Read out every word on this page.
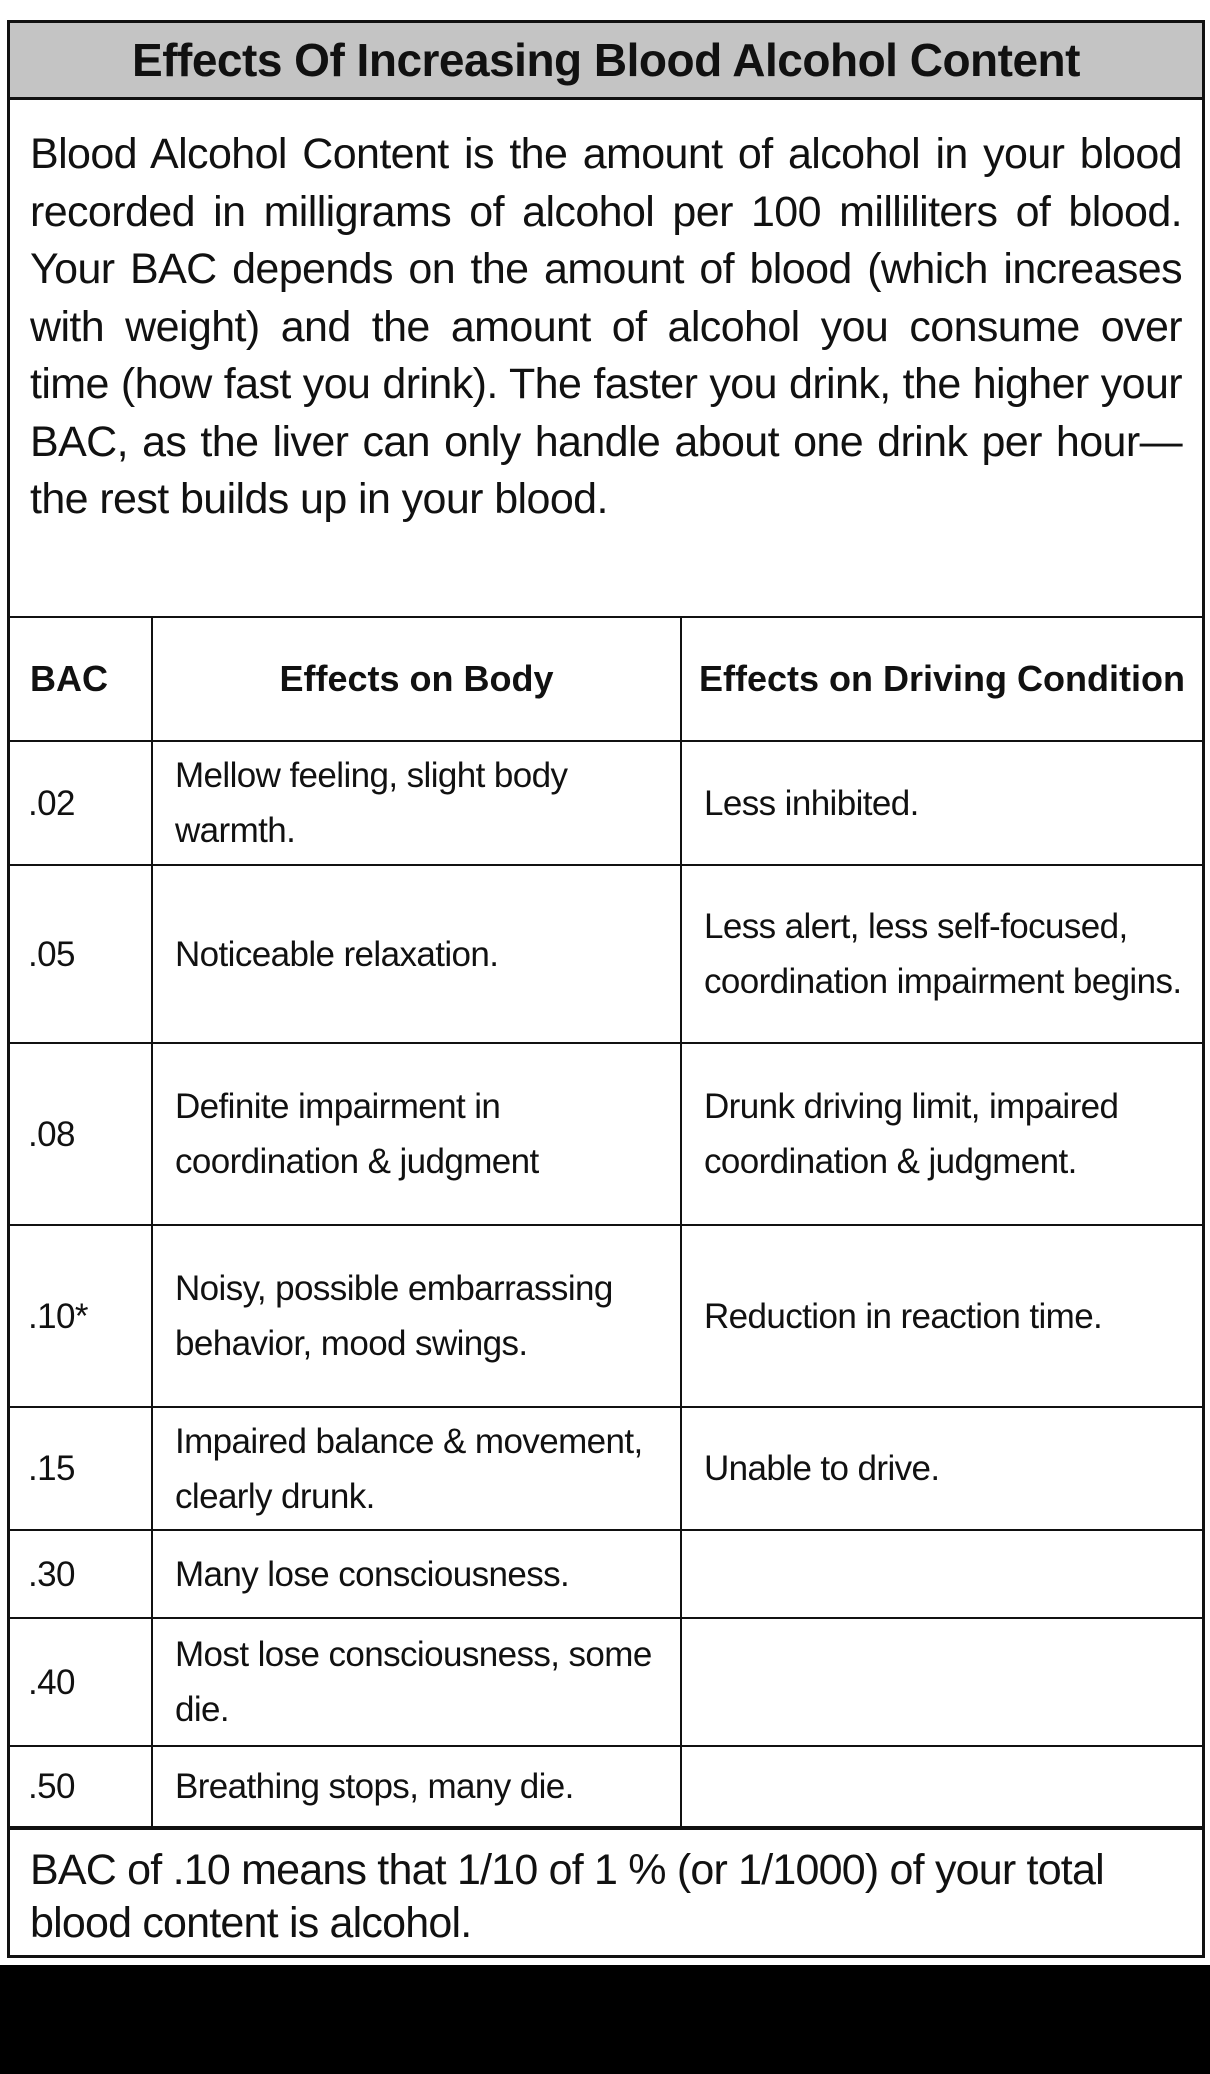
Effects Of Increasing Blood Alcohol Content
Blood Alcohol Content is the amount of alcohol in your blood recorded in milligrams of alcohol per 100 milliliters of blood. Your BAC depends on the amount of blood (which increases with weight) and the amount of alcohol you consume over time (how fast you drink). The faster you drink, the higher your BAC, as the liver can only handle about one drink per hour—the rest builds up in your blood.
BAC	Effects on Body	Effects on Driving Condition
.02	Mellow feeling, slight body warmth.	Less inhibited.
.05	Noticeable relaxation.	Less alert, less self-focused, coordination impairment begins.
.08	Definite impairment in coordination & judgment	Drunk driving limit, impaired coordination & judgment.
.10*	Noisy, possible embarrassing behavior, mood swings.	Reduction in reaction time.
.15	Impaired balance & movement, clearly drunk.	Unable to drive.
.30	Many lose consciousness.	
.40	Most lose consciousness, some die.	
.50	Breathing stops, many die.	
BAC of .10 means that 1/10 of 1 % (or 1/1000) of your total blood content is alcohol.
